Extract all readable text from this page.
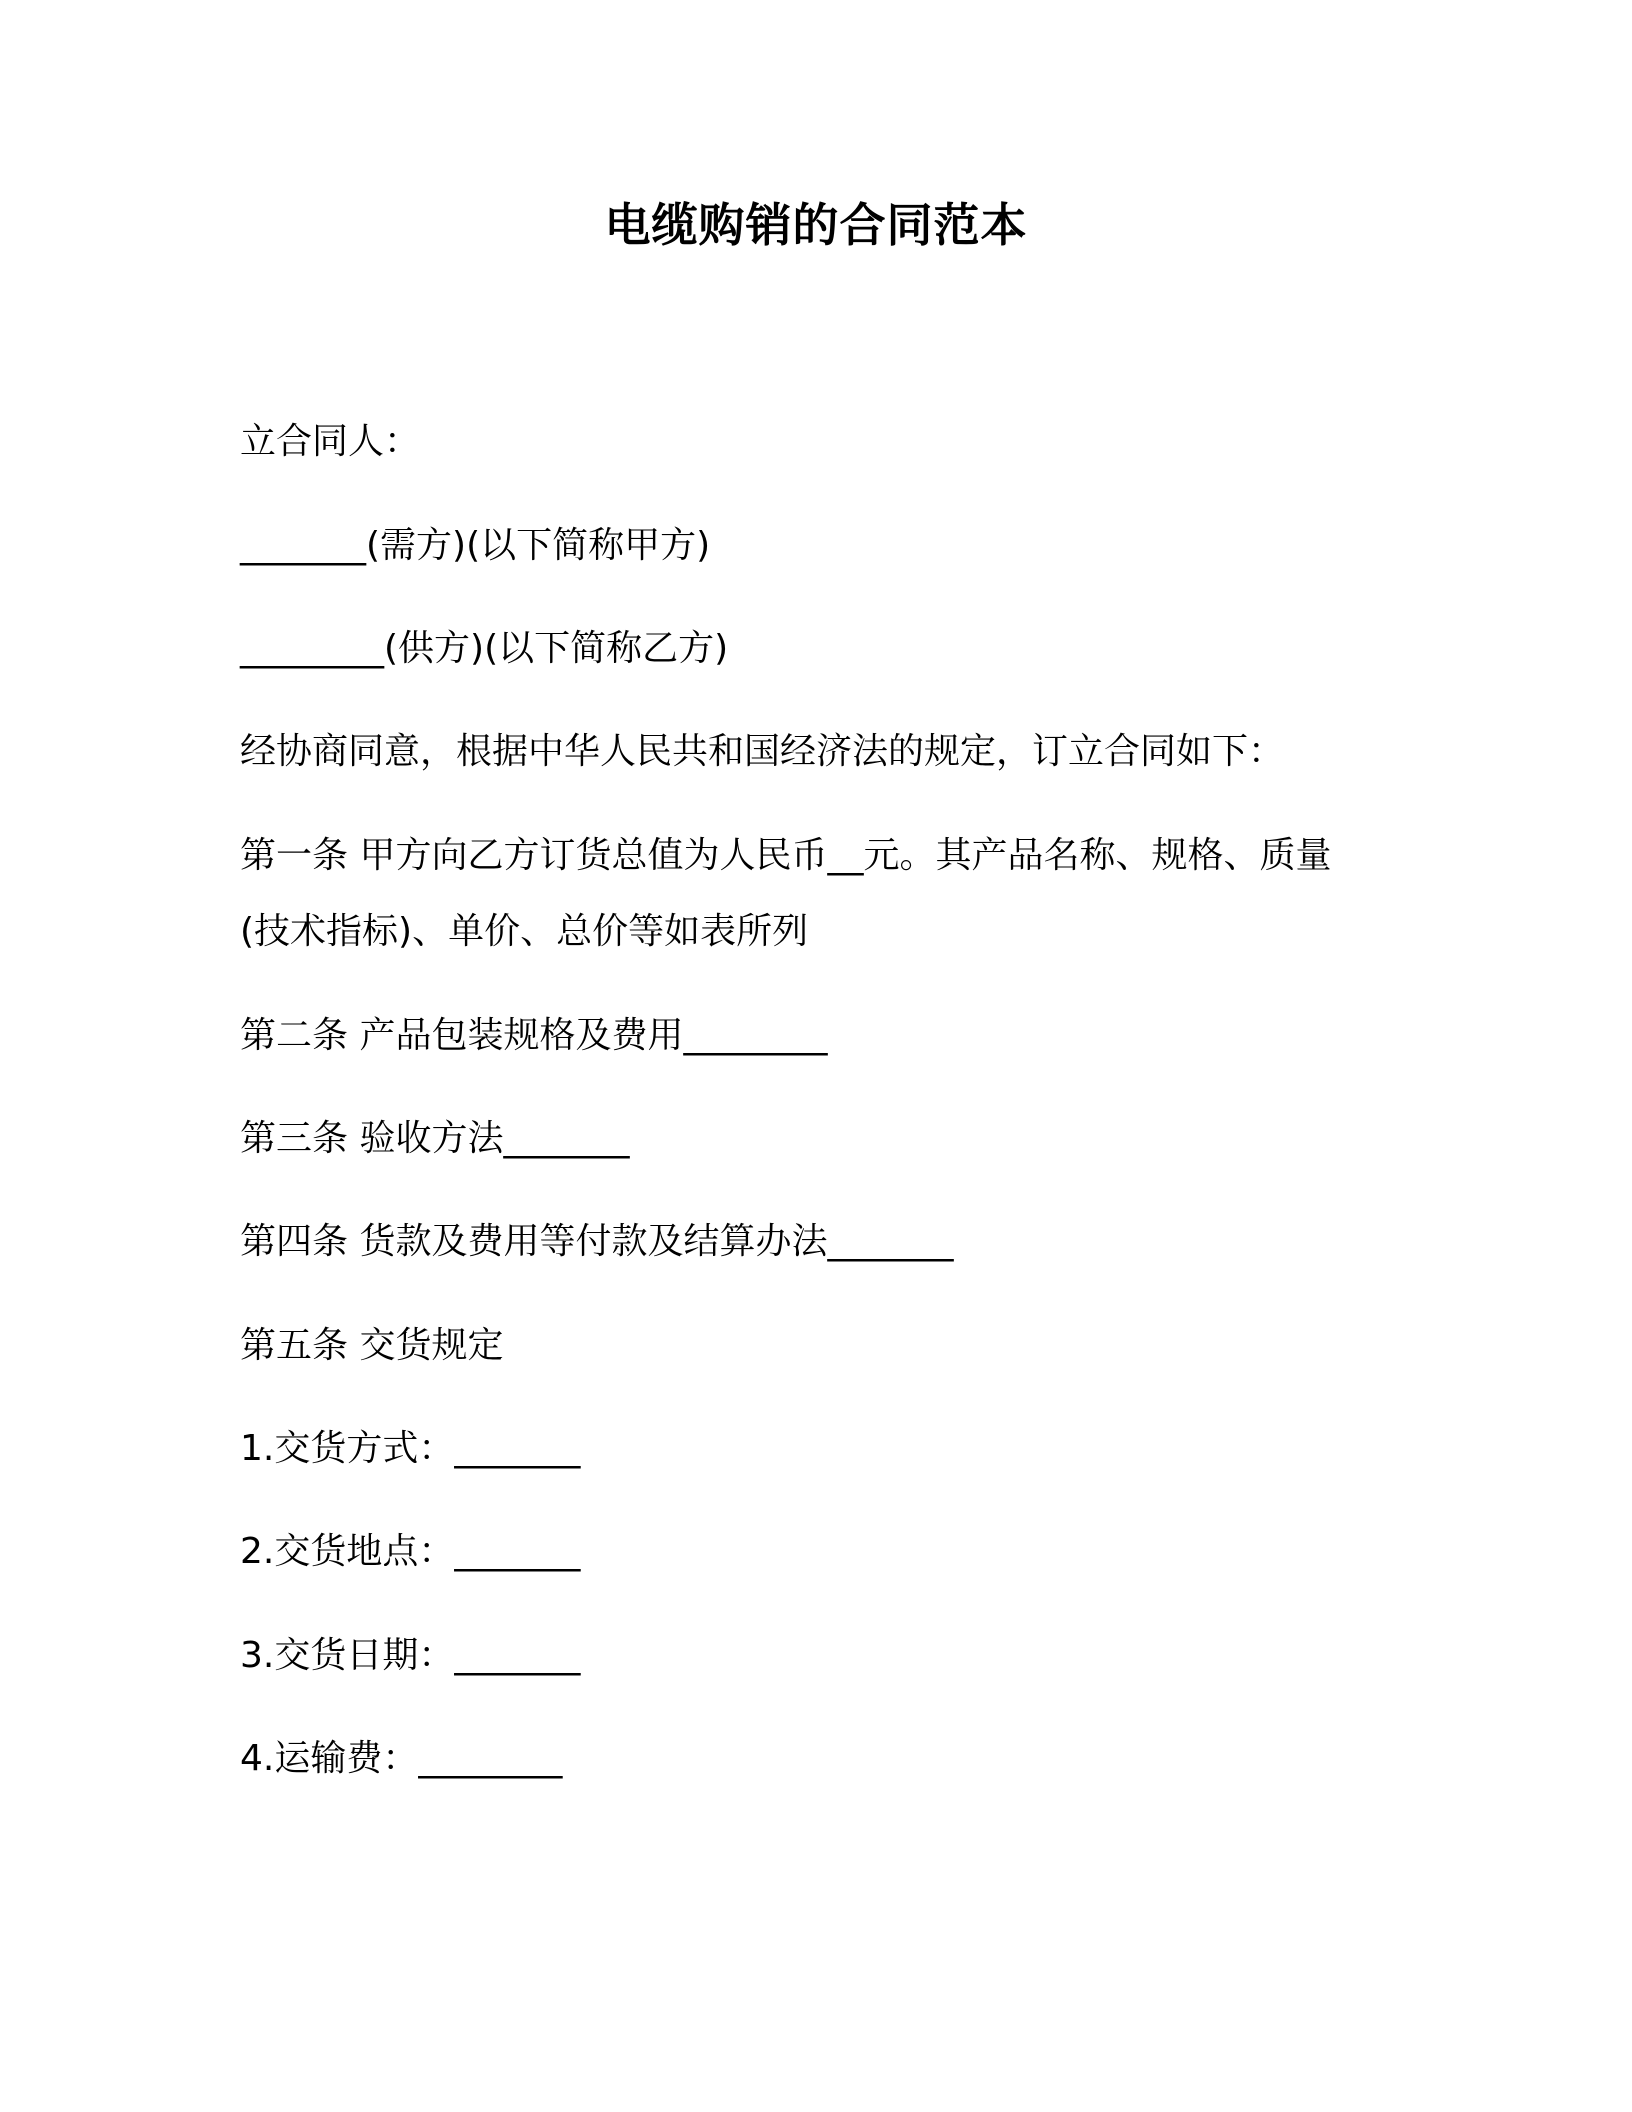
电缆购销的合同范本
立合同人：
_______(需方)(以下简称甲方)
________(供方)(以下简称乙方)
经协商同意，根据中华人民共和国经济法的规定，订立合同如下：
第一条 甲方向乙方订货总值为人民币__元。其产品名称、规格、质量
(技术指标)、单价、总价等如表所列
第二条 产品包装规格及费用________
第三条 验收方法_______
第四条 货款及费用等付款及结算办法_______
第五条 交货规定
1.交货方式：_______
2.交货地点：_______
3.交货日期：_______
4.运输费：________
